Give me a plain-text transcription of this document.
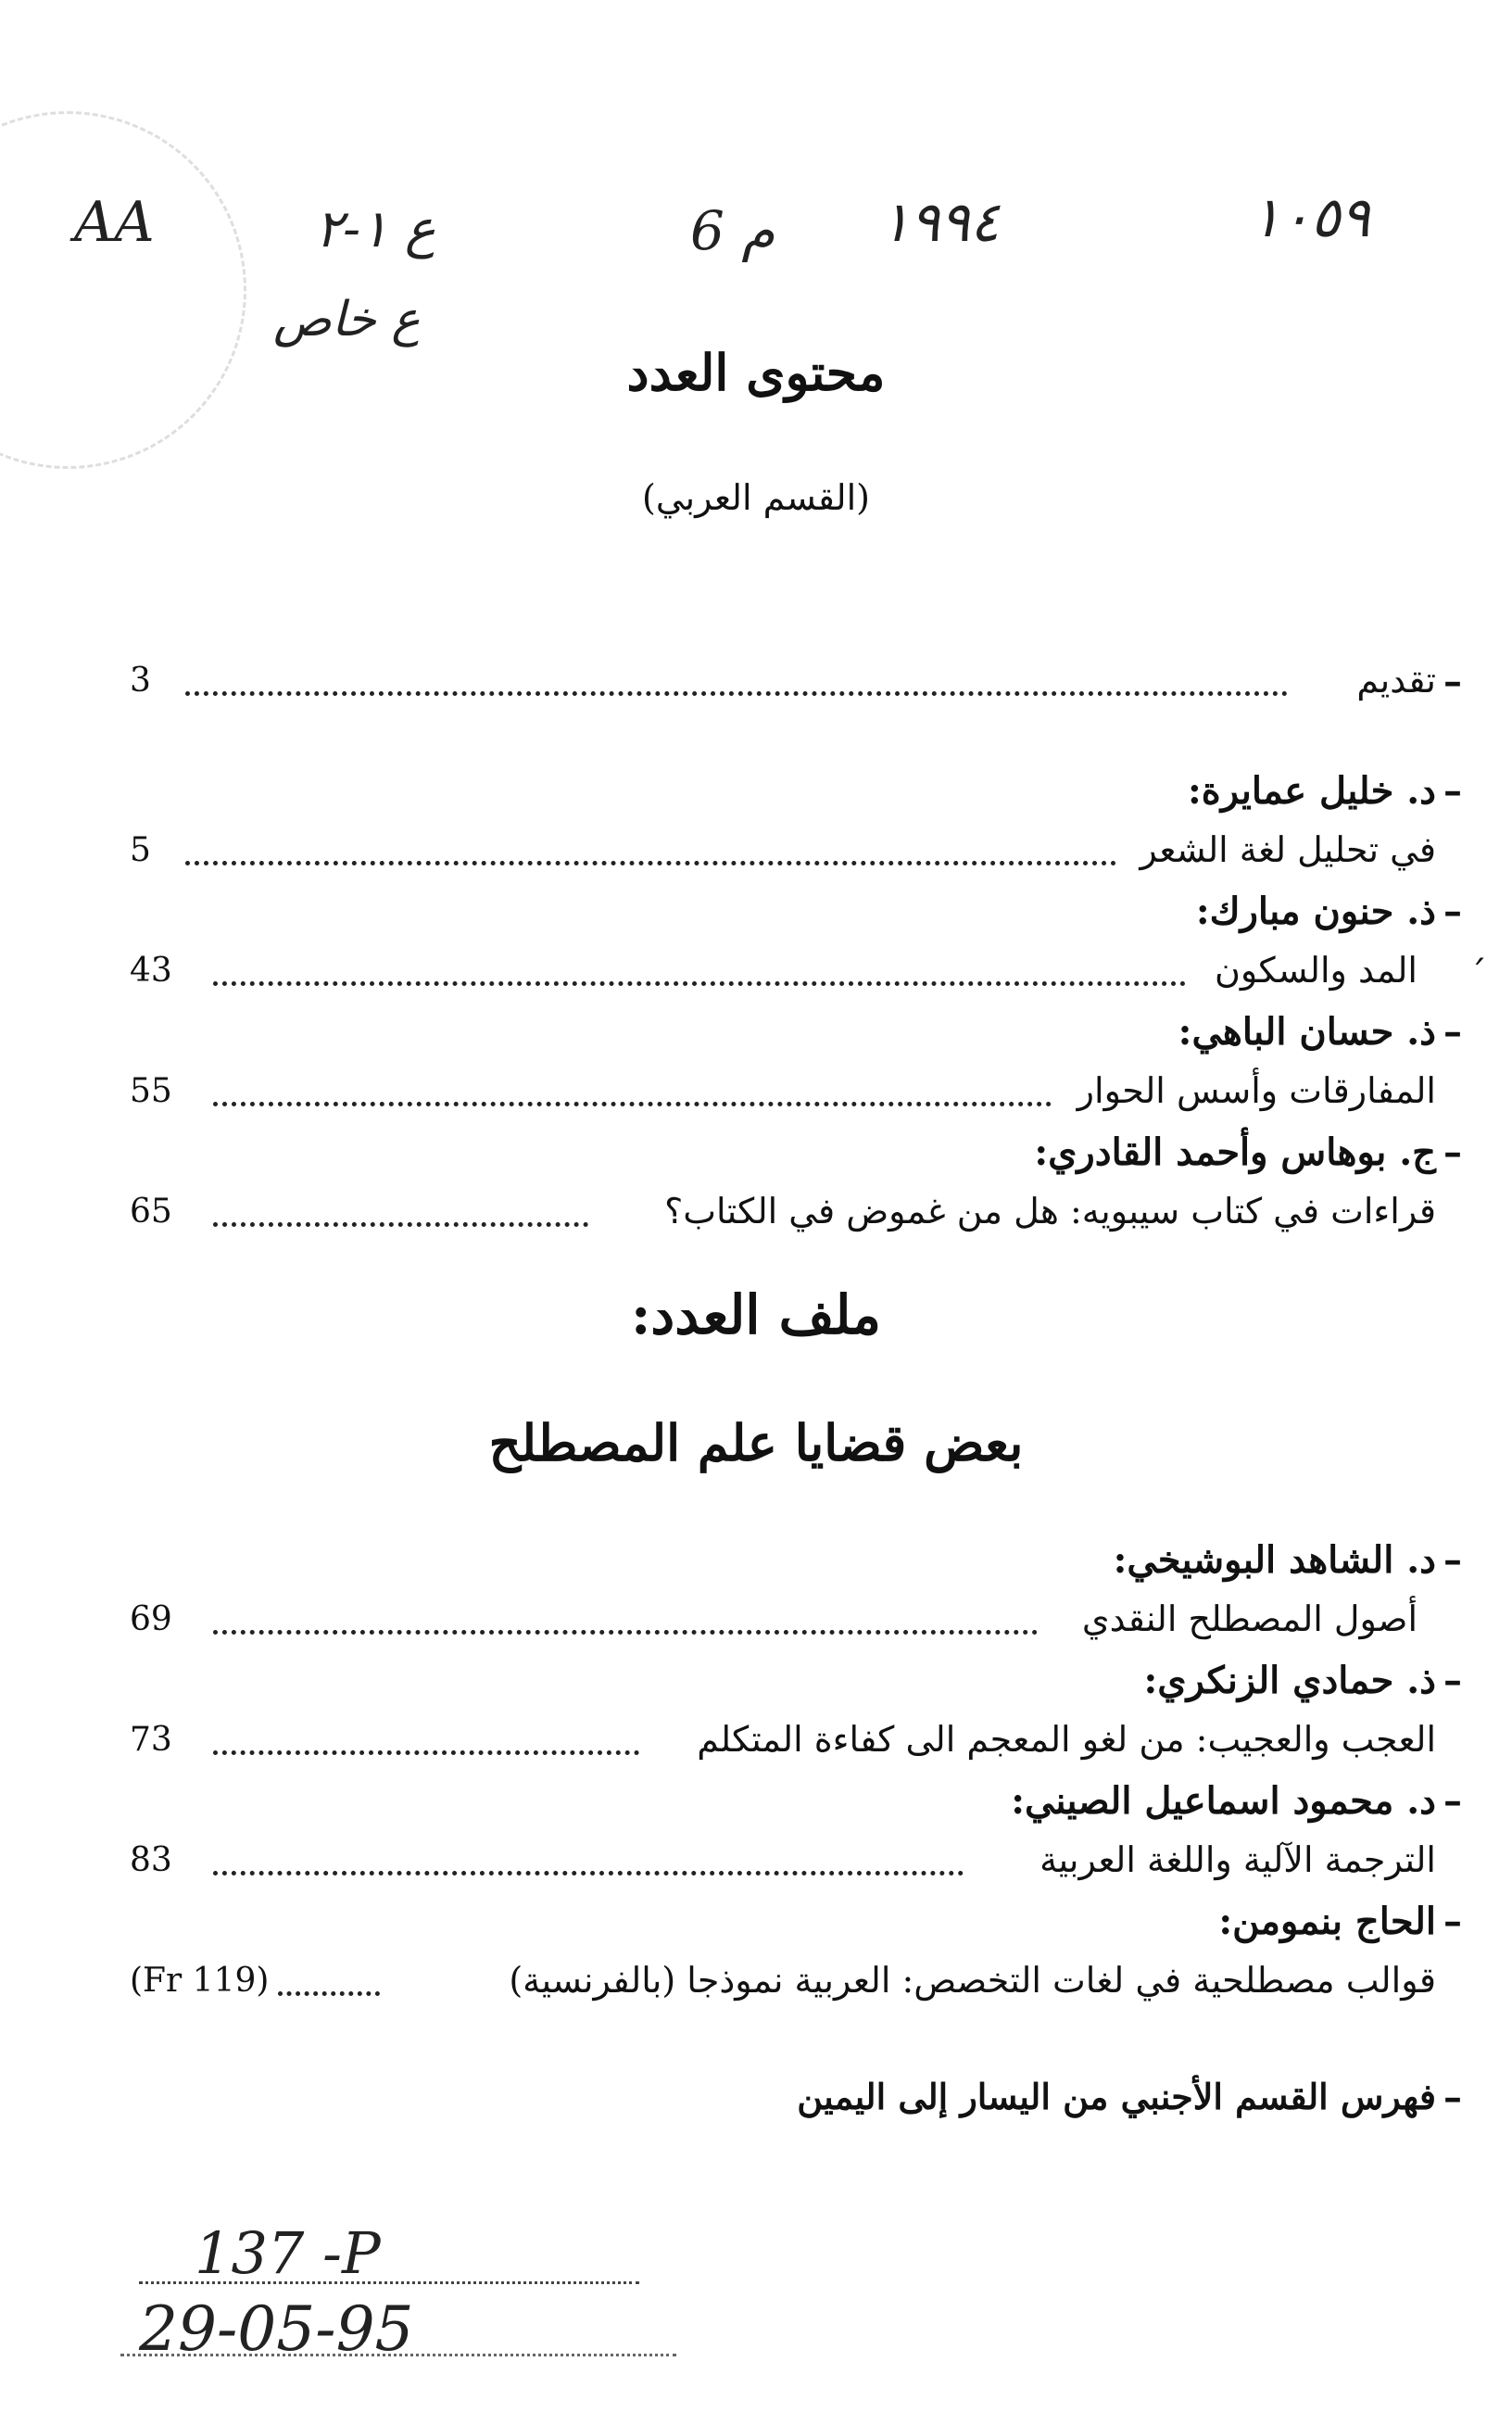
AA	ع ١-٢
ع خاص
م 6 ١٩٩٤	١٠٥٩
محتوى العدد
(القسم العربي)
–
تقديم
3
–
د. خليل عمايرة:
في تحليل لغة الشعر
5
–
ذ. حنون مبارك:
المد والسكون
43
–
ذ. حسان الباهي:
المفارقات وأسس الحوار
55
–
ج. بوهاس وأحمد القادري:
قراءات في كتاب سيبويه: هل من غموض في الكتاب؟
65
ملف العدد:
بعض قضايا علم المصطلح
–
د. الشاهد البوشيخي:
أصول المصطلح النقدي
69
–
ذ. حمادي الزنكري:
العجب والعجيب: من لغو المعجم الى كفاءة المتكلم
73
–
د. محمود اسماعيل الصيني:
الترجمة الآلية واللغة العربية
83
–
الحاج بنمومن:
قوالب مصطلحية في لغات التخصص: العربية نموذجا (بالفرنسية)
(Fr 119)
–
فهرس القسم الأجنبي من اليسار إلى اليمين
ˊ
137 -P
29-05-95
